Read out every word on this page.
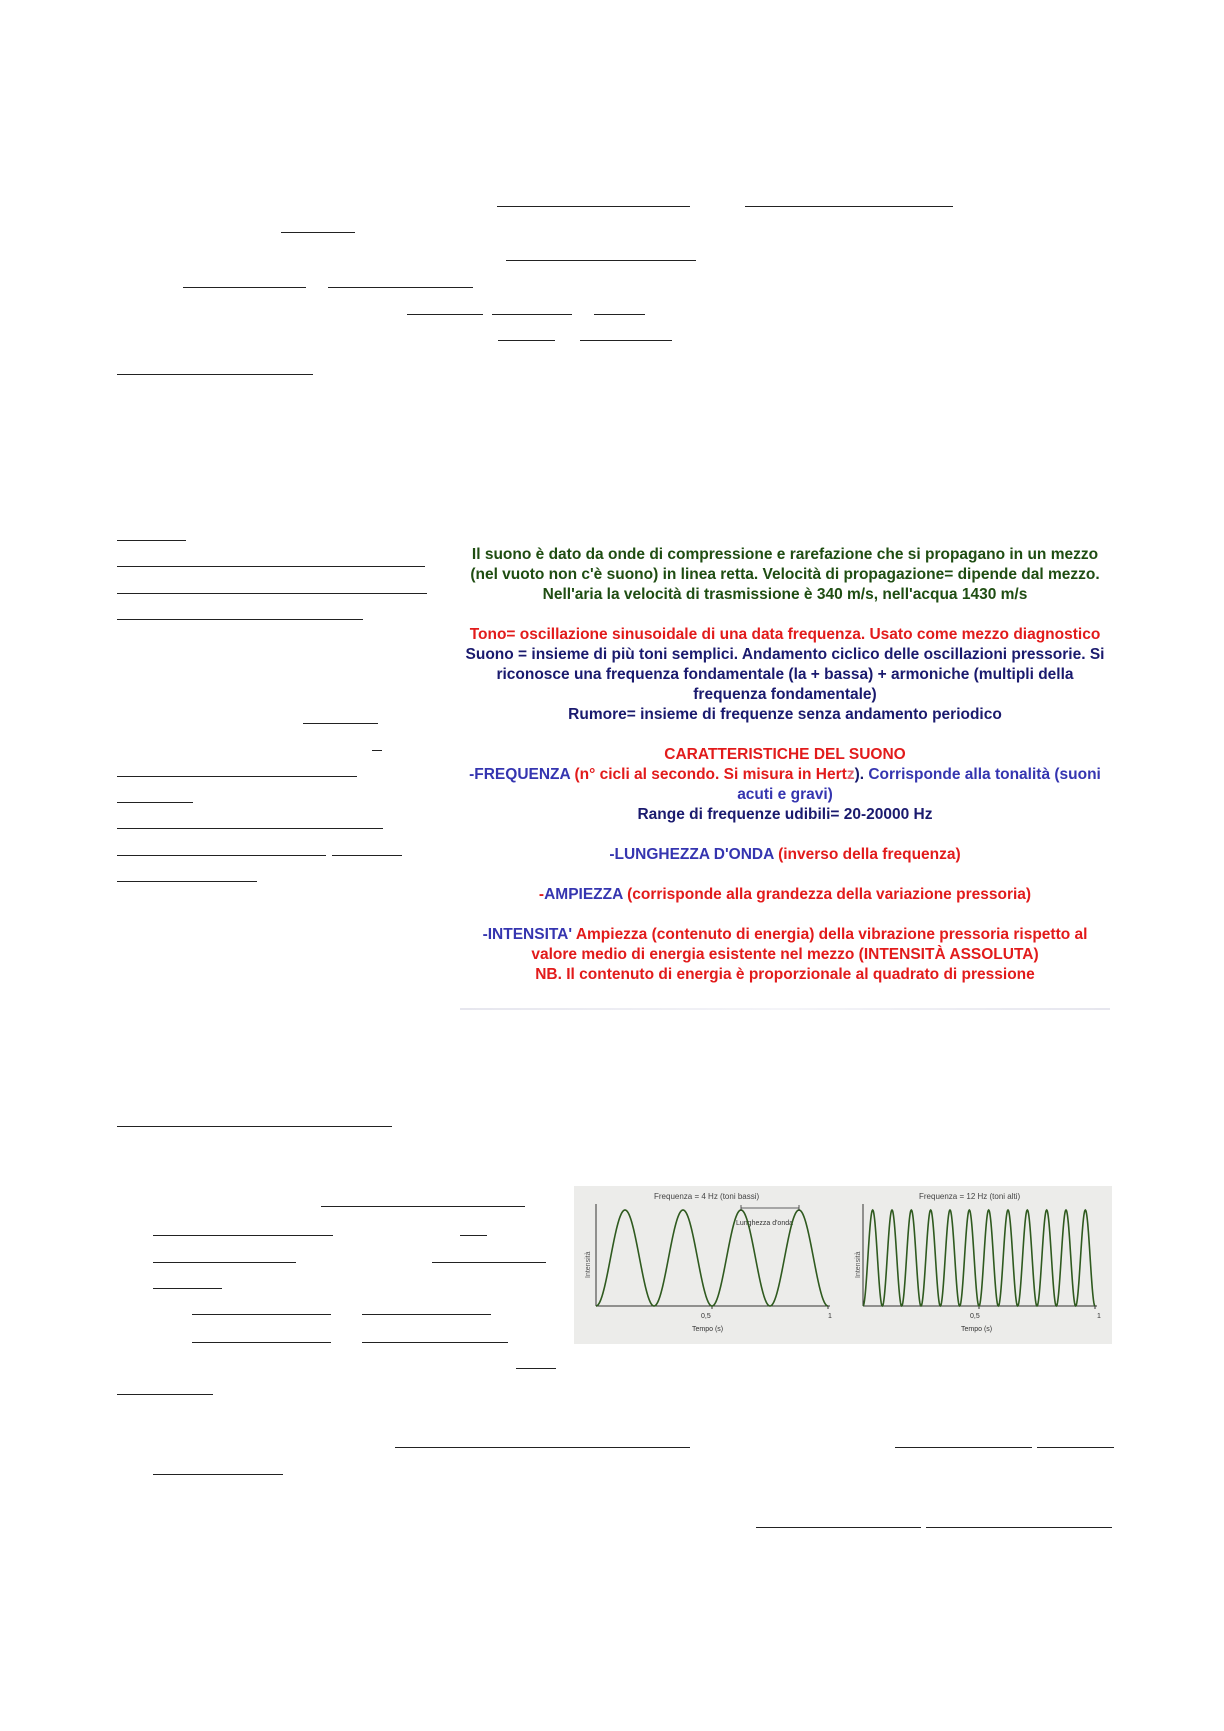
Il suono è dato da onde di compressione e rarefazione che si propagano in un mezzo (nel vuoto non c'è suono) in linea retta. Velocità di propagazione= dipende dal mezzo. Nell'aria la velocità di trasmissione è 340 m/s, nell'acqua 1430 m/s

Tono= oscillazione sinusoidale di una data frequenza. Usato come mezzo diagnostico

Suono = insieme di più toni semplici. Andamento ciclico delle oscillazioni pressorie. Si riconosce una frequenza fondamentale (la + bassa) + armoniche (multipli della frequenza fondamentale)

Rumore= insieme di frequenze senza andamento periodico

CARATTERISTICHE DEL SUONO

-FREQUENZA (n° cicli al secondo. Si misura in Hertz). Corrisponde alla tonalità (suoni acuti e gravi)

Range di frequenze udibili= 20-20000 Hz

-LUNGHEZZA D'ONDA (inverso della frequenza)

-AMPIEZZA (corrisponde alla grandezza della variazione pressoria)

-INTENSITA' Ampiezza (contenuto di energia) della vibrazione pressoria rispetto al valore medio di energia esistente nel mezzo (INTENSITÀ ASSOLUTA)

NB. Il contenuto di energia è proporzionale al quadrato di pressione

Frequenza = 4 Hz (toni bassi)
Intensità
Lunghezza d'onda
0,5	1
Tempo (s)
Frequenza = 12 Hz (toni alti)
Intensità
0,5	1
Tempo (s)
